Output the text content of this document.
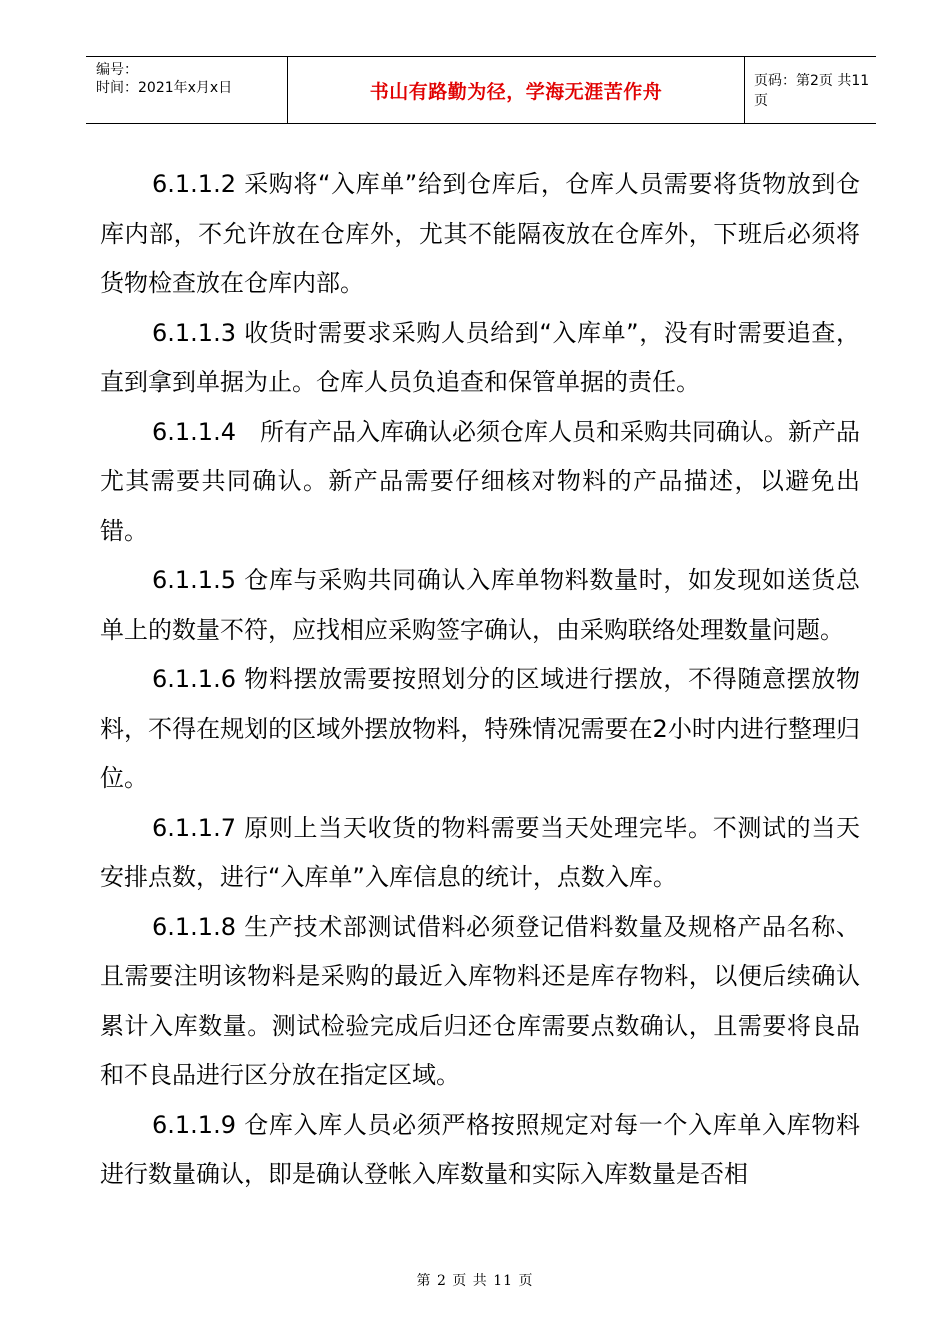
编号：
时间：2021年x月x日	书山有路勤为径，学海无涯苦作舟	页码：第2页 共11页

6.1.1.2 采购将“入库单”给到仓库后，仓库人员需要将货物放到仓库内部，不允许放在仓库外，尤其不能隔夜放在仓库外，下班后必须将货物检查放在仓库内部。

6.1.1.3 收货时需要求采购人员给到“入库单”，没有时需要追查，直到拿到单据为止。仓库人员负追查和保管单据的责任。

6.1.1.4　所有产品入库确认必须仓库人员和采购共同确认。新产品尤其需要共同确认。新产品需要仔细核对物料的产品描述，以避免出错。

6.1.1.5 仓库与采购共同确认入库单物料数量时，如发现如送货总单上的数量不符，应找相应采购签字确认，由采购联络处理数量问题。

6.1.1.6 物料摆放需要按照划分的区域进行摆放，不得随意摆放物料，不得在规划的区域外摆放物料，特殊情况需要在2小时内进行整理归位。

6.1.1.7 原则上当天收货的物料需要当天处理完毕。不测试的当天安排点数，进行“入库单”入库信息的统计，点数入库。

6.1.1.8 生产技术部测试借料必须登记借料数量及规格产品名称、且需要注明该物料是采购的最近入库物料还是库存物料，以便后续确认累计入库数量。测试检验完成后归还仓库需要点数确认，且需要将良品和不良品进行区分放在指定区域。

6.1.1.9 仓库入库人员必须严格按照规定对每一个入库单入库物料进行数量确认，即是确认登帐入库数量和实际入库数量是否相

第 2 页 共 11 页
